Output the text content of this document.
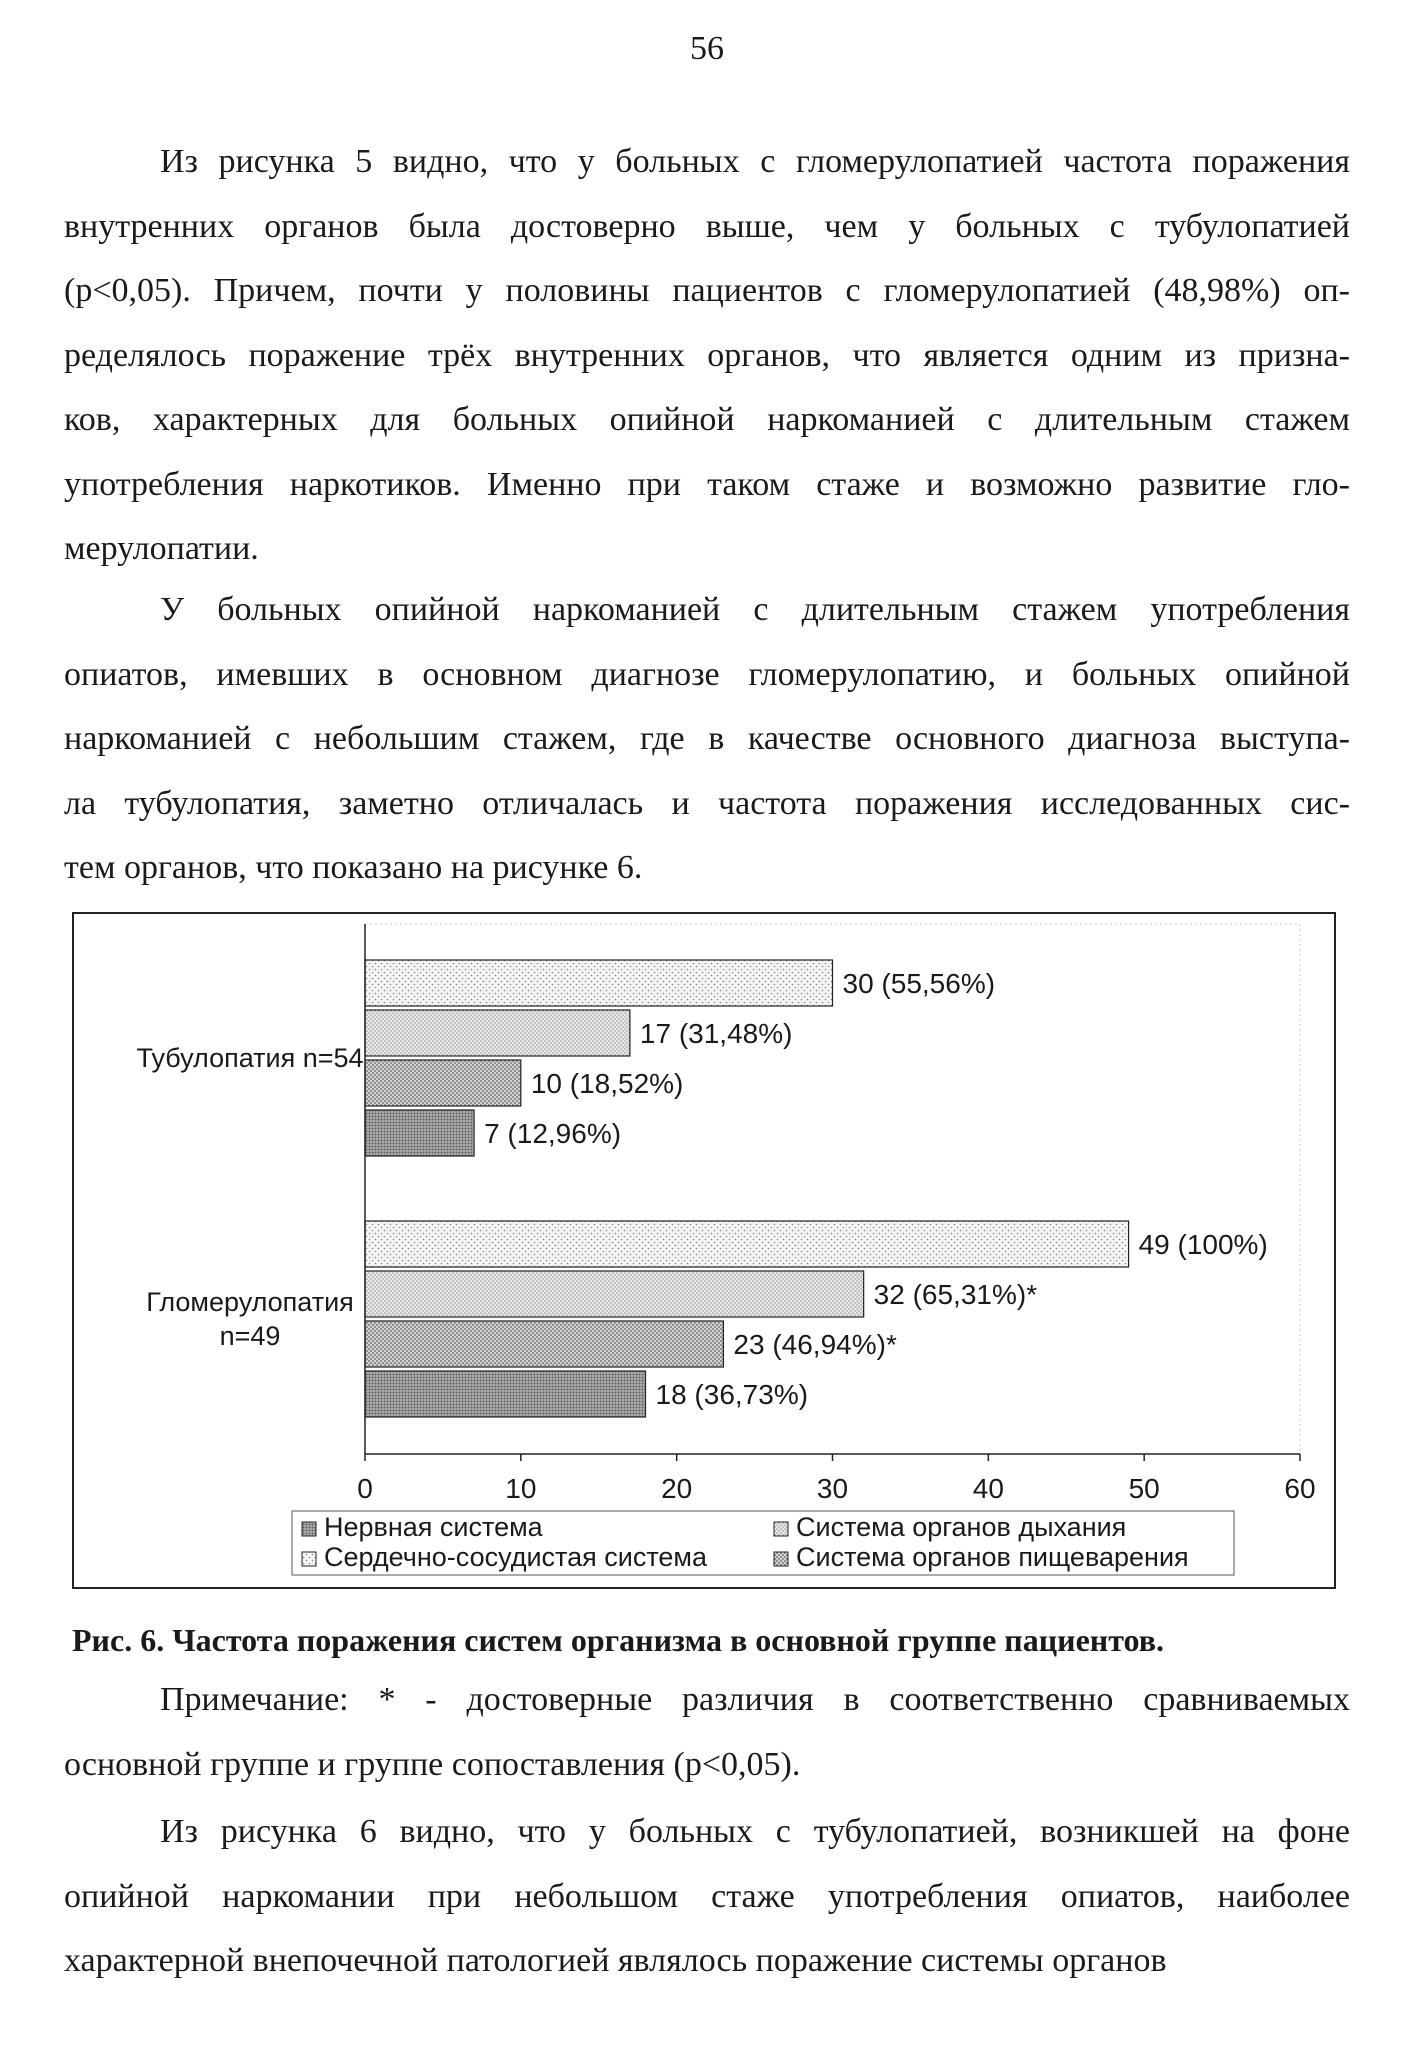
56
Из рисунка 5 видно, что у больных с гломерулопатией частота поражения
внутренних органов была достоверно выше, чем у больных с тубулопатией
(p<0,05). Причем, почти у половины пациентов с гломерулопатией (48,98%) оп-
ределялось поражение трёх внутренних органов, что является одним из призна-
ков, характерных для больных опийной наркоманией с длительным стажем
употребления наркотиков. Именно при таком стаже и возможно развитие гло-
мерулопатии.
У больных опийной наркоманией с длительным стажем употребления
опиатов, имевших в основном диагнозе гломерулопатию, и больных опийной
наркоманией с небольшим стажем, где в качестве основного диагноза выступа-
ла тубулопатия, заметно отличалась и частота поражения исследованных сис-
тем органов, что показано на рисунке 6.
30 (55,56%)
49 (100%)
17 (31,48%)
32 (65,31%)*
10 (18,52%)
23 (46,94%)*
7 (12,96%)
18 (36,73%)
Тубулопатия n=54
Гломерулопатия
n=49
0	10	20	30	40	50	60
Нервная система	Система органов дыхания
Сердечно-сосудистая система	Система органов пищеварения
Рис. 6. Частота поражения систем организма в основной группе пациентов.
Примечание: * - достоверные различия в соответственно сравниваемых
основной группе и группе сопоставления (p<0,05).
Из рисунка 6 видно, что у больных с тубулопатией, возникшей на фоне
опийной наркомании при небольшом стаже употребления опиатов, наиболее
характерной внепочечной патологией являлось поражение системы органов
